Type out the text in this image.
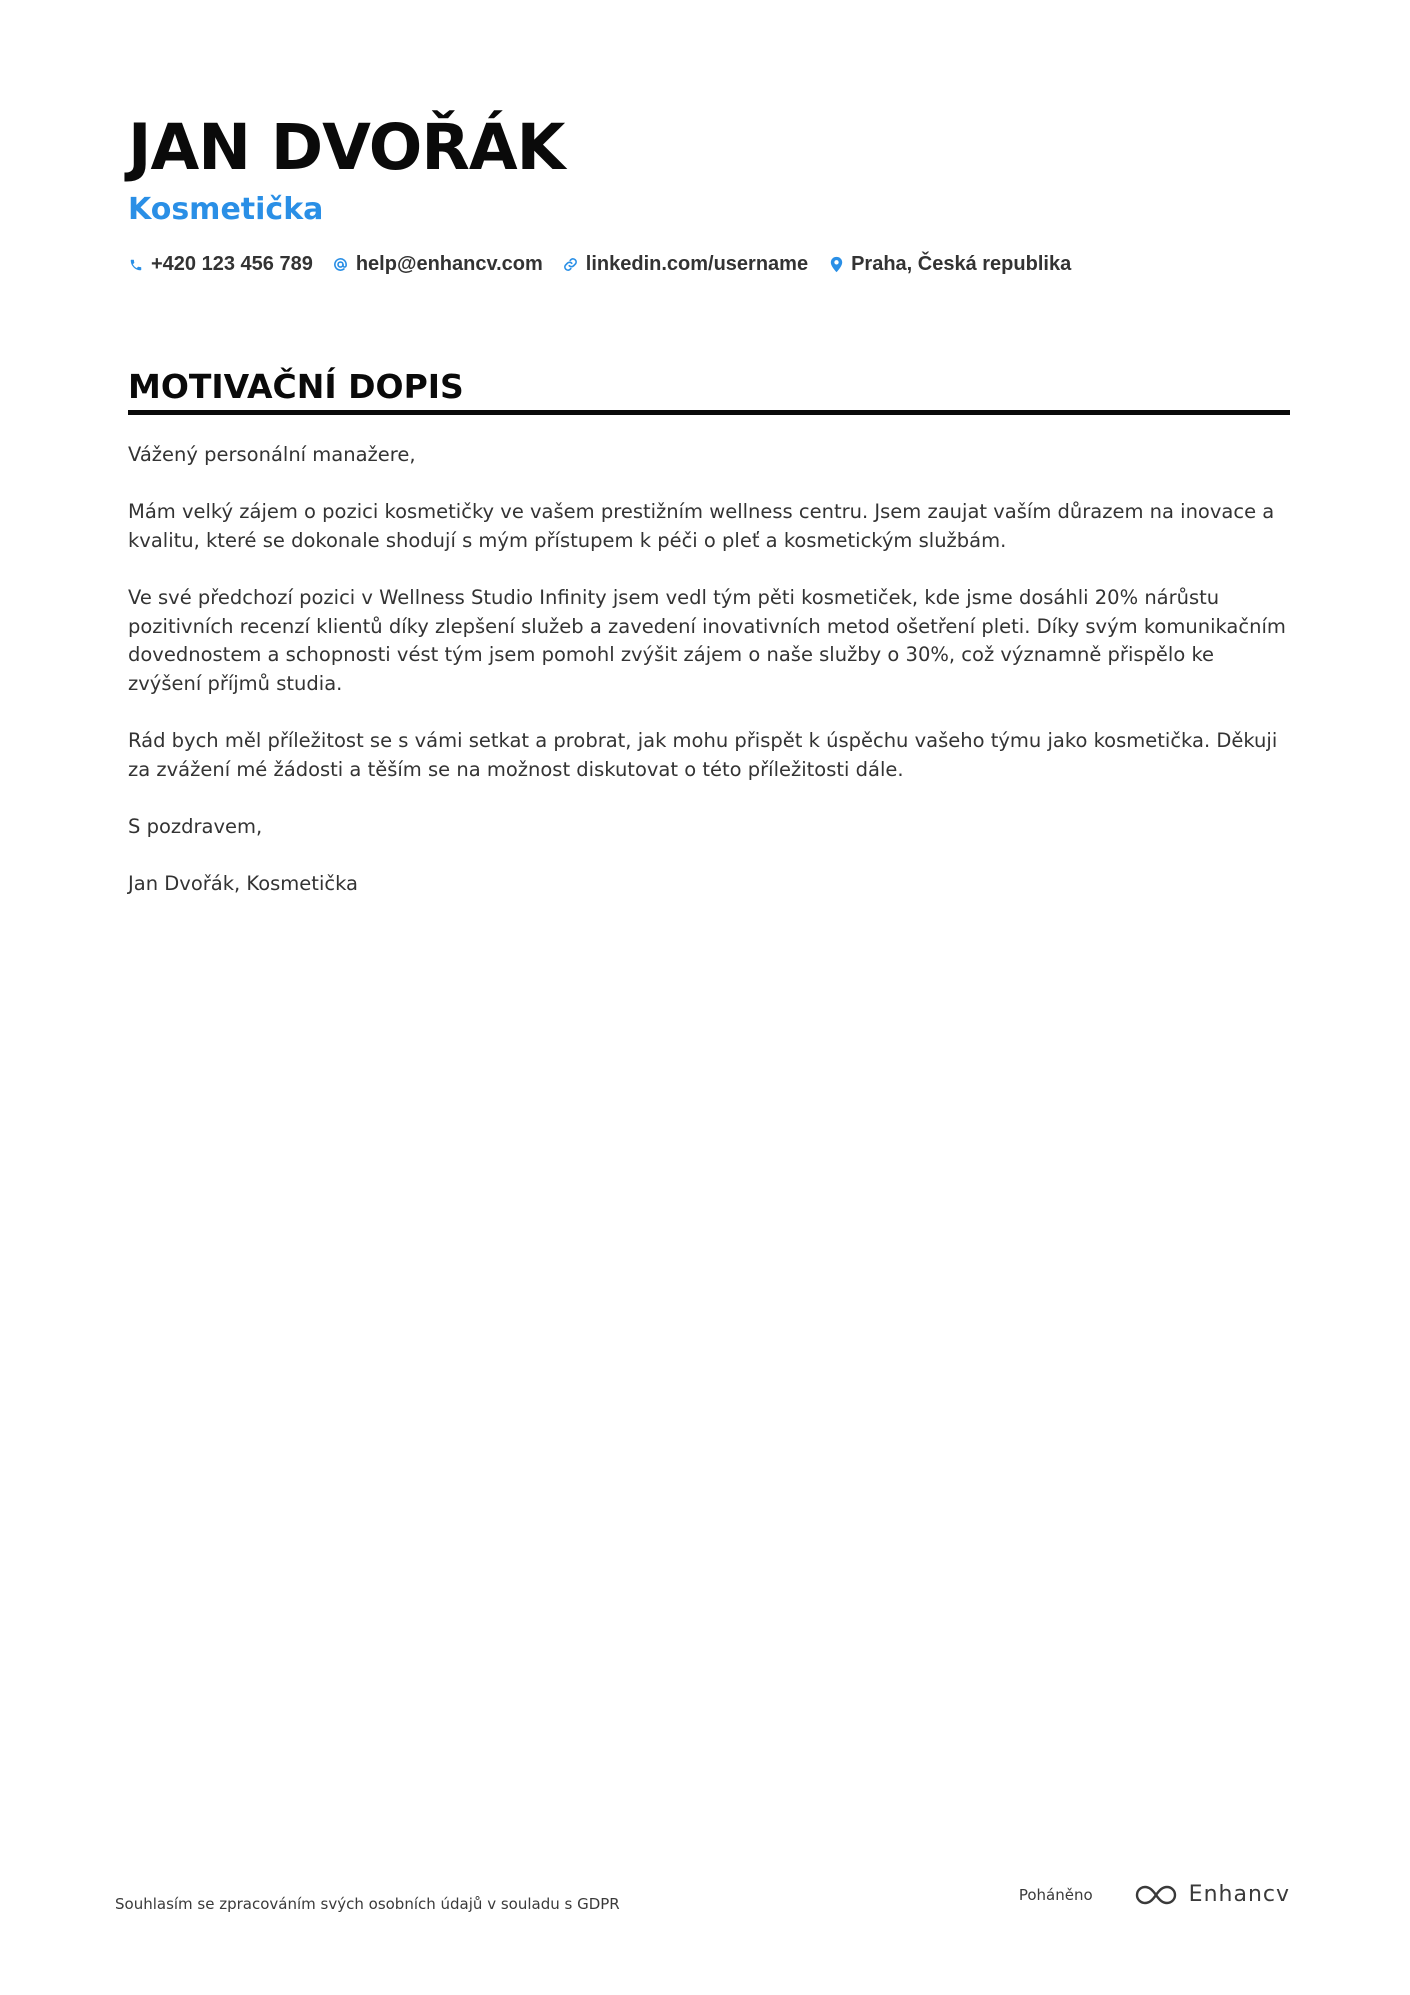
JAN DVOŘÁK
Kosmetička
+420 123 456 789 help@enhancv.com linkedin.com/username Praha, Česká republika
MOTIVAČNÍ DOPIS

Vážený personální manažere,

Mám velký zájem o pozici kosmetičky ve vašem prestižním wellness centru. Jsem zaujat vaším důrazem na inovace a kvalitu, které se dokonale shodují s mým přístupem k péči o pleť a kosmetickým službám.

Ve své předchozí pozici v Wellness Studio Infinity jsem vedl tým pěti kosmetiček, kde jsme dosáhli 20% nárůstu pozitivních recenzí klientů díky zlepšení služeb a zavedení inovativních metod ošetření pleti. Díky svým komunikačním dovednostem a schopnosti vést tým jsem pomohl zvýšit zájem o naše služby o 30%, což významně přispělo ke zvýšení příjmů studia.

Rád bych měl příležitost se s vámi setkat a probrat, jak mohu přispět k úspěchu vašeho týmu jako kosmetička. Děkuji za zvážení mé žádosti a těším se na možnost diskutovat o této příležitosti dále.

S pozdravem,

Jan Dvořák, Kosmetička

Souhlasím se zpracováním svých osobních údajů v souladu s GDPR
Poháněno	Enhancv
